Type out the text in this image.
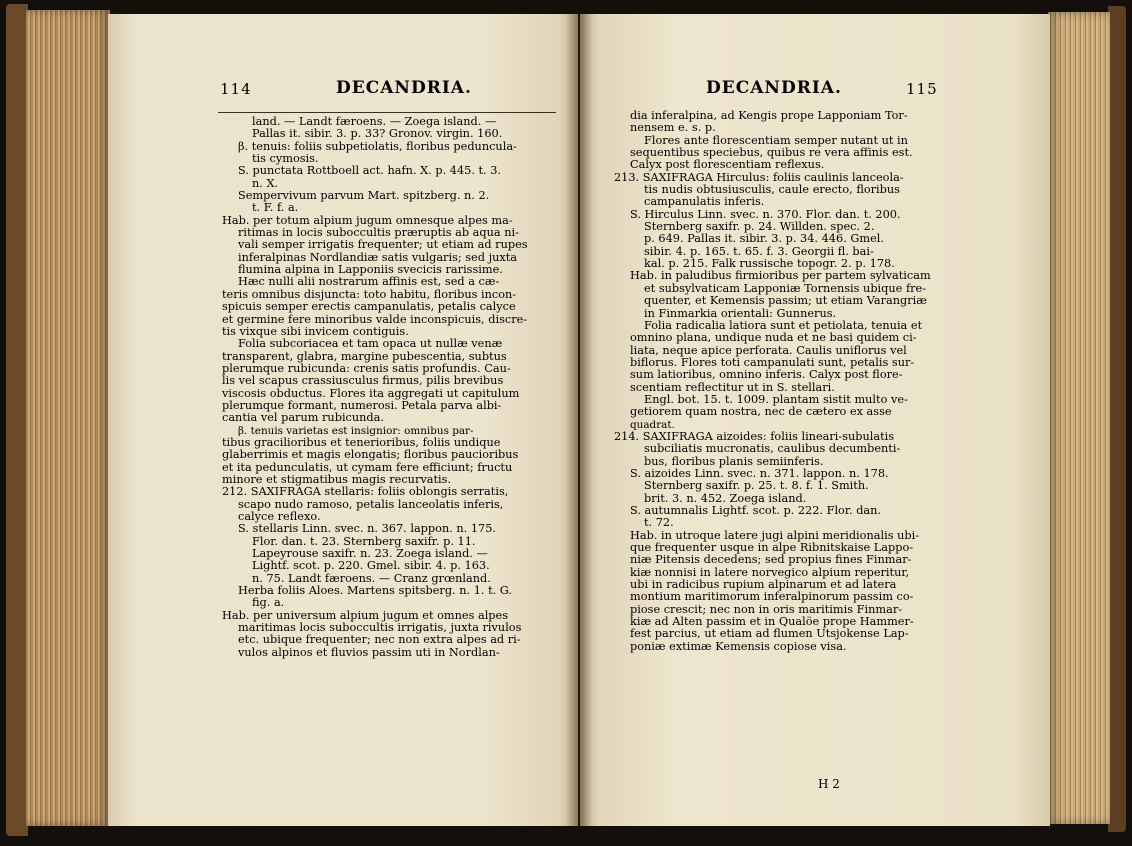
114	DECANDRIA.	DECANDRIA.	115
land. — Landt færoens. — Zoega island. —
Pallas it. sibir. 3. p. 33? Gronov. virgin. 160.
β. tenuis: foliis subpetiolatis, floribus peduncula-
tis cymosis.
S. punctata Rottboell act. hafn. X. p. 445. t. 3.
n. X.
Sempervivum parvum Mart. spitzberg. n. 2.
t. F. f. a.
Hab. per totum alpium jugum omnesque alpes ma-
ritimas in locis suboccultis præruptis ab aqua ni-
vali semper irrigatis frequenter; ut etiam ad rupes
inferalpinas Nordlandiæ satis vulgaris; sed juxta
flumina alpina in Lapponiis svecicis rarissime.
Hæc nulli alii nostrarum affinis est, sed a cæ-
teris omnibus disjuncta: toto habitu, floribus incon-
spicuis semper erectis campanulatis, petalis calyce
et germine fere minoribus valde inconspicuis, discre-
tis vixque sibi invicem contiguis.
Folia subcoriacea et tam opaca ut nullæ venæ
transparent, glabra, margine pubescentia, subtus
plerumque rubicunda: crenis satis profundis. Cau-
lis vel scapus crassiusculus firmus, pilis brevibus
viscosis obductus. Flores ita aggregati ut capitulum
plerumque formant, numerosi. Petala parva albi-
cantia vel parum rubicunda.
β. tenuis varietas est insignior: omnibus par-
tibus gracilioribus et tenerioribus, foliis undique
glaberrimis et magis elongatis; floribus paucioribus
et ita pedunculatis, ut cymam fere efficiunt; fructu
minore et stigmatibus magis recurvatis.
212. SAXIFRAGA stellaris: foliis oblongis serratis,
scapo nudo ramoso, petalis lanceolatis inferis,
calyce reflexo.
S. stellaris Linn. svec. n. 367. lappon. n. 175.
Flor. dan. t. 23. Sternberg saxifr. p. 11.
Lapeyrouse saxifr. n. 23. Zoega island. —
Lightf. scot. p. 220. Gmel. sibir. 4. p. 163.
n. 75. Landt færoens. — Cranz grœnland.
Herba foliis Aloes. Martens spitsberg. n. 1. t. G.
fig. a.
Hab. per universum alpium jugum et omnes alpes
maritimas locis suboccultis irrigatis, juxta rivulos
etc. ubique frequenter; nec non extra alpes ad ri-
vulos alpinos et fluvios passim uti in Nordlan-
dia inferalpina, ad Kengis prope Lapponiam Tor-
nensem e. s. p.
Flores ante florescentiam semper nutant ut in
sequentibus speciebus, quibus re vera affinis est.
Calyx post florescentiam reflexus.
213. SAXIFRAGA Hirculus: foliis caulinis lanceola-
tis nudis obtusiusculis, caule erecto, floribus
campanulatis inferis.
S. Hirculus Linn. svec. n. 370. Flor. dan. t. 200.
Sternberg saxifr. p. 24. Willden. spec. 2.
p. 649. Pallas it. sibir. 3. p. 34. 446. Gmel.
sibir. 4. p. 165. t. 65. f. 3. Georgii fl. bai-
kal. p. 215. Falk russische topogr. 2. p. 178.
Hab. in paludibus firmioribus per partem sylvaticam
et subsylvaticam Lapponiæ Tornensis ubique fre-
quenter, et Kemensis passim; ut etiam Varangriæ
in Finmarkia orientali: Gunnerus.
Folia radicalia latiora sunt et petiolata, tenuia et
omnino plana, undique nuda et ne basi quidem ci-
liata, neque apice perforata. Caulis uniflorus vel
biflorus. Flores toti campanulati sunt, petalis sur-
sum latioribus, omnino inferis. Calyx post flore-
scentiam reflectitur ut in S. stellari.
Engl. bot. 15. t. 1009. plantam sistit multo ve-
getiorem quam nostra, nec de cætero ex asse
quadrat.
214. SAXIFRAGA aizoides: foliis lineari-subulatis
subciliatis mucronatis, caulibus decumbenti-
bus, floribus planis semiinferis.
S. aizoides Linn. svec. n. 371. lappon. n. 178.
Sternberg saxifr. p. 25. t. 8. f. 1. Smith.
brit. 3. n. 452. Zoega island.
S. autumnalis Lightf. scot. p. 222. Flor. dan.
t. 72.
Hab. in utroque latere jugi alpini meridionalis ubi-
que frequenter usque in alpe Ribnitskaise Lappo-
niæ Pitensis decedens; sed propius fines Finmar-
kiæ nonnisi in latere norvegico alpium reperitur,
ubi in radicibus rupium alpinarum et ad latera
montium maritimorum inferalpinorum passim co-
piose crescit; nec non in oris maritimis Finmar-
kiæ ad Alten passim et in Qualöe prope Hammer-
fest parcius, ut etiam ad flumen Utsjokense Lap-
poniæ extimæ Kemensis copiose visa.
H 2
